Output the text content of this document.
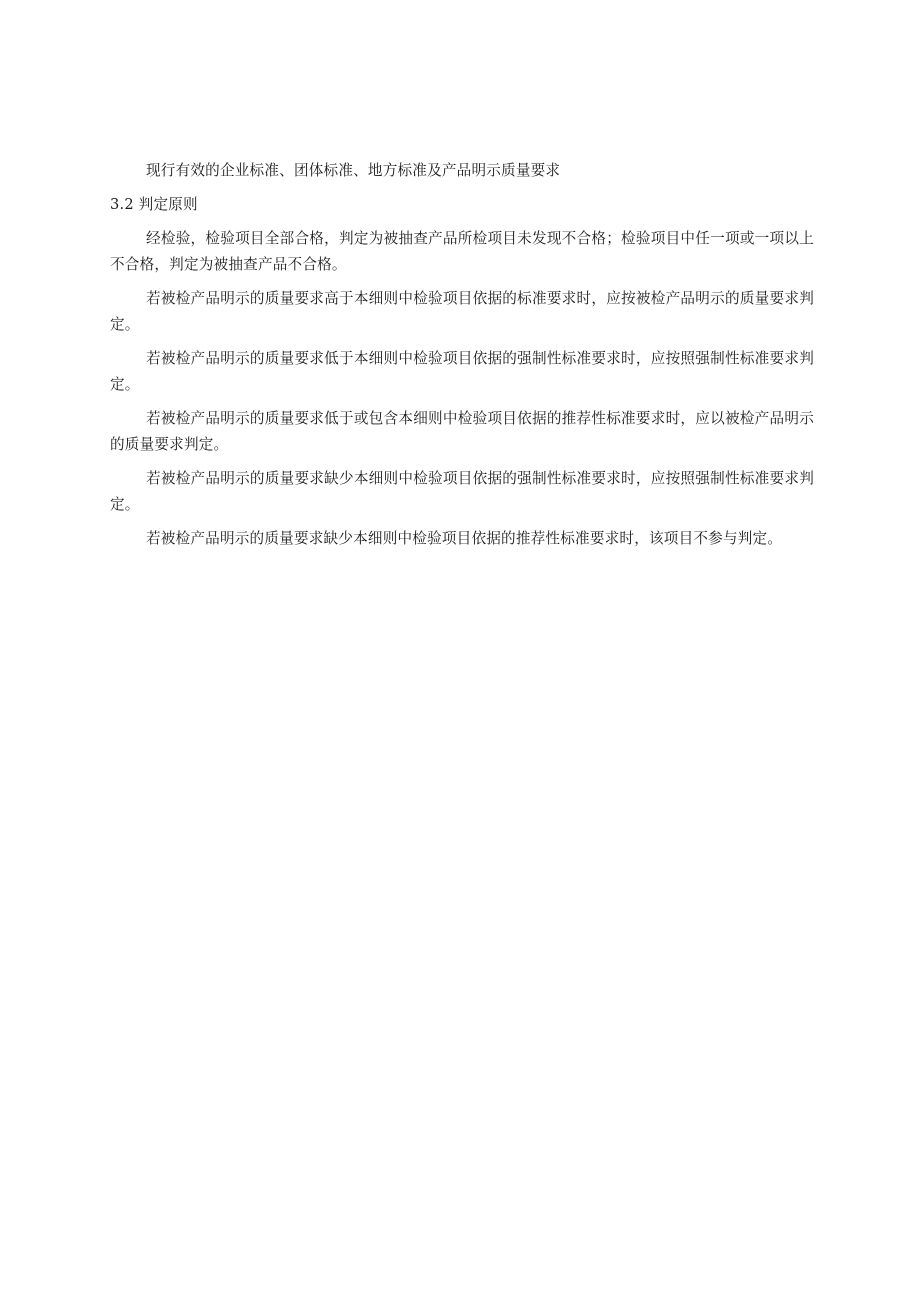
现行有效的企业标准、团体标准、地方标准及产品明示质量要求

3.2 判定原则

经检验，检验项目全部合格，判定为被抽查产品所检项目未发现不合格；检验项目中任一项或一项以上不合格，判定为被抽查产品不合格。

若被检产品明示的质量要求高于本细则中检验项目依据的标准要求时，应按被检产品明示的质量要求判定。

若被检产品明示的质量要求低于本细则中检验项目依据的强制性标准要求时，应按照强制性标准要求判定。

若被检产品明示的质量要求低于或包含本细则中检验项目依据的推荐性标准要求时，应以被检产品明示的质量要求判定。

若被检产品明示的质量要求缺少本细则中检验项目依据的强制性标准要求时，应按照强制性标准要求判定。

若被检产品明示的质量要求缺少本细则中检验项目依据的推荐性标准要求时，该项目不参与判定。
